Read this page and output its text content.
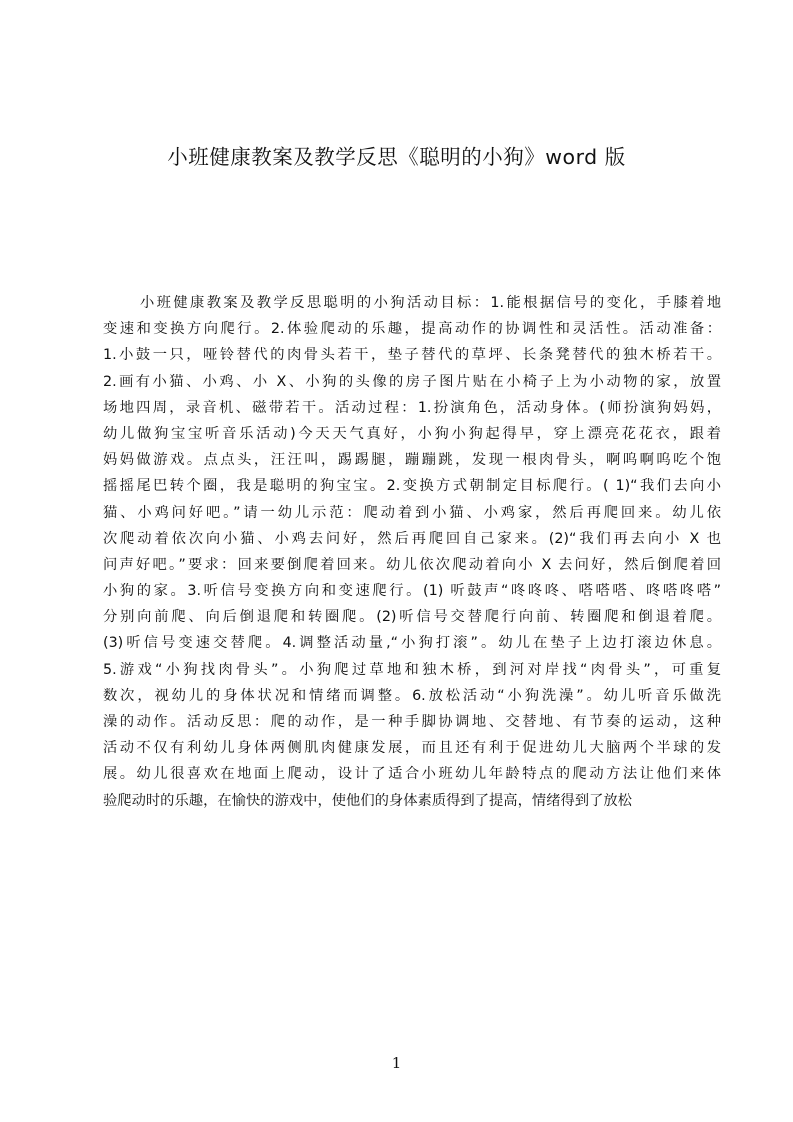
小班健康教案及教学反思《聪明的小狗》word 版
小班健康教案及教学反思聪明的小狗活动目标：1.能根据信号的变化，手膝着地
变速和变换方向爬行。2.体验爬动的乐趣，提高动作的协调性和灵活性。活动准备：
1.小鼓一只，哑铃替代的肉骨头若干，垫子替代的草坪、长条凳替代的独木桥若干。
2.画有小猫、小鸡、小 X、小狗的头像的房子图片贴在小椅子上为小动物的家，放置
场地四周，录音机、磁带若干。活动过程：1.扮演角色，活动身体。(师扮演狗妈妈，
幼儿做狗宝宝听音乐活动)今天天气真好，小狗小狗起得早，穿上漂亮花花衣，跟着
妈妈做游戏。点点头，汪汪叫，踢踢腿，蹦蹦跳，发现一根肉骨头，啊呜啊呜吃个饱
摇摇尾巴转个圈，我是聪明的狗宝宝。2.变换方式朝制定目标爬行。( 1)“我们去向小
猫、小鸡问好吧。”请一幼儿示范：爬动着到小猫、小鸡家，然后再爬回来。幼儿依
次爬动着依次向小猫、小鸡去问好，然后再爬回自己家来。(2)“我们再去向小 X 也
问声好吧。”要求：回来要倒爬着回来。幼儿依次爬动着向小 X 去问好，然后倒爬着回
小狗的家。3.听信号变换方向和变速爬行。(1) 听鼓声“咚咚咚、嗒嗒嗒、咚嗒咚嗒”
分别向前爬、向后倒退爬和转圈爬。(2)听信号交替爬行向前、转圈爬和倒退着爬。
(3)听信号变速交替爬。4.调整活动量,“小狗打滚”。幼儿在垫子上边打滚边休息。
5.游戏“小狗找肉骨头”。小狗爬过草地和独木桥，到河对岸找“肉骨头”，可重复
数次，视幼儿的身体状况和情绪而调整。6.放松活动“小狗洗澡”。幼儿听音乐做洗
澡的动作。活动反思：爬的动作，是一种手脚协调地、交替地、有节奏的运动，这种
活动不仅有利幼儿身体两侧肌肉健康发展，而且还有利于促进幼儿大脑两个半球的发
展。幼儿很喜欢在地面上爬动，设计了适合小班幼儿年龄特点的爬动方法让他们来体
验爬动时的乐趣，在愉快的游戏中，使他们的身体素质得到了提高，情绪得到了放松
1
